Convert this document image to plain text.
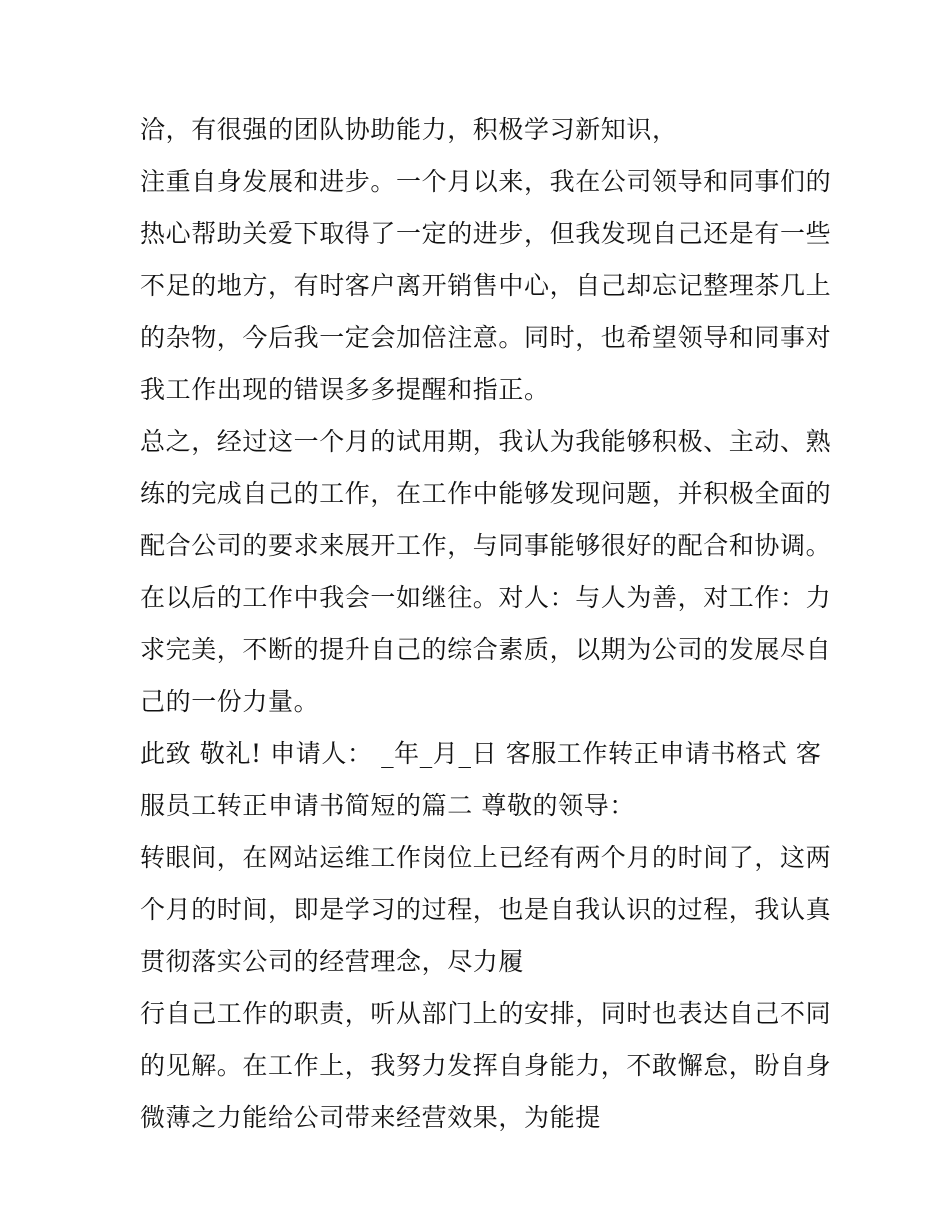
洽，有很强的团队协助能力，积极学习新知识，
注重自身发展和进步。一个月以来，我在公司领导和同事们的
热心帮助关爱下取得了一定的进步，但我发现自己还是有一些
不足的地方，有时客户离开销售中心，自己却忘记整理茶几上
的杂物，今后我一定会加倍注意。同时，也希望领导和同事对
我工作出现的错误多多提醒和指正。
总之，经过这一个月的试用期，我认为我能够积极、主动、熟
练的完成自己的工作，在工作中能够发现问题，并积极全面的
配合公司的要求来展开工作，与同事能够很好的配合和协调。
在以后的工作中我会一如继往。对人：与人为善，对工作：力
求完美，不断的提升自己的综合素质，以期为公司的发展尽自
己的一份力量。
此致 敬礼! 申请人： _年_月_日 客服工作转正申请书格式 客
服员工转正申请书简短的篇二 尊敬的领导：
转眼间，在网站运维工作岗位上已经有两个月的时间了，这两
个月的时间，即是学习的过程，也是自我认识的过程，我认真
贯彻落实公司的经营理念，尽力履
行自己工作的职责，听从部门上的安排，同时也表达自己不同
的见解。在工作上，我努力发挥自身能力，不敢懈怠，盼自身
微薄之力能给公司带来经营效果，为能提
